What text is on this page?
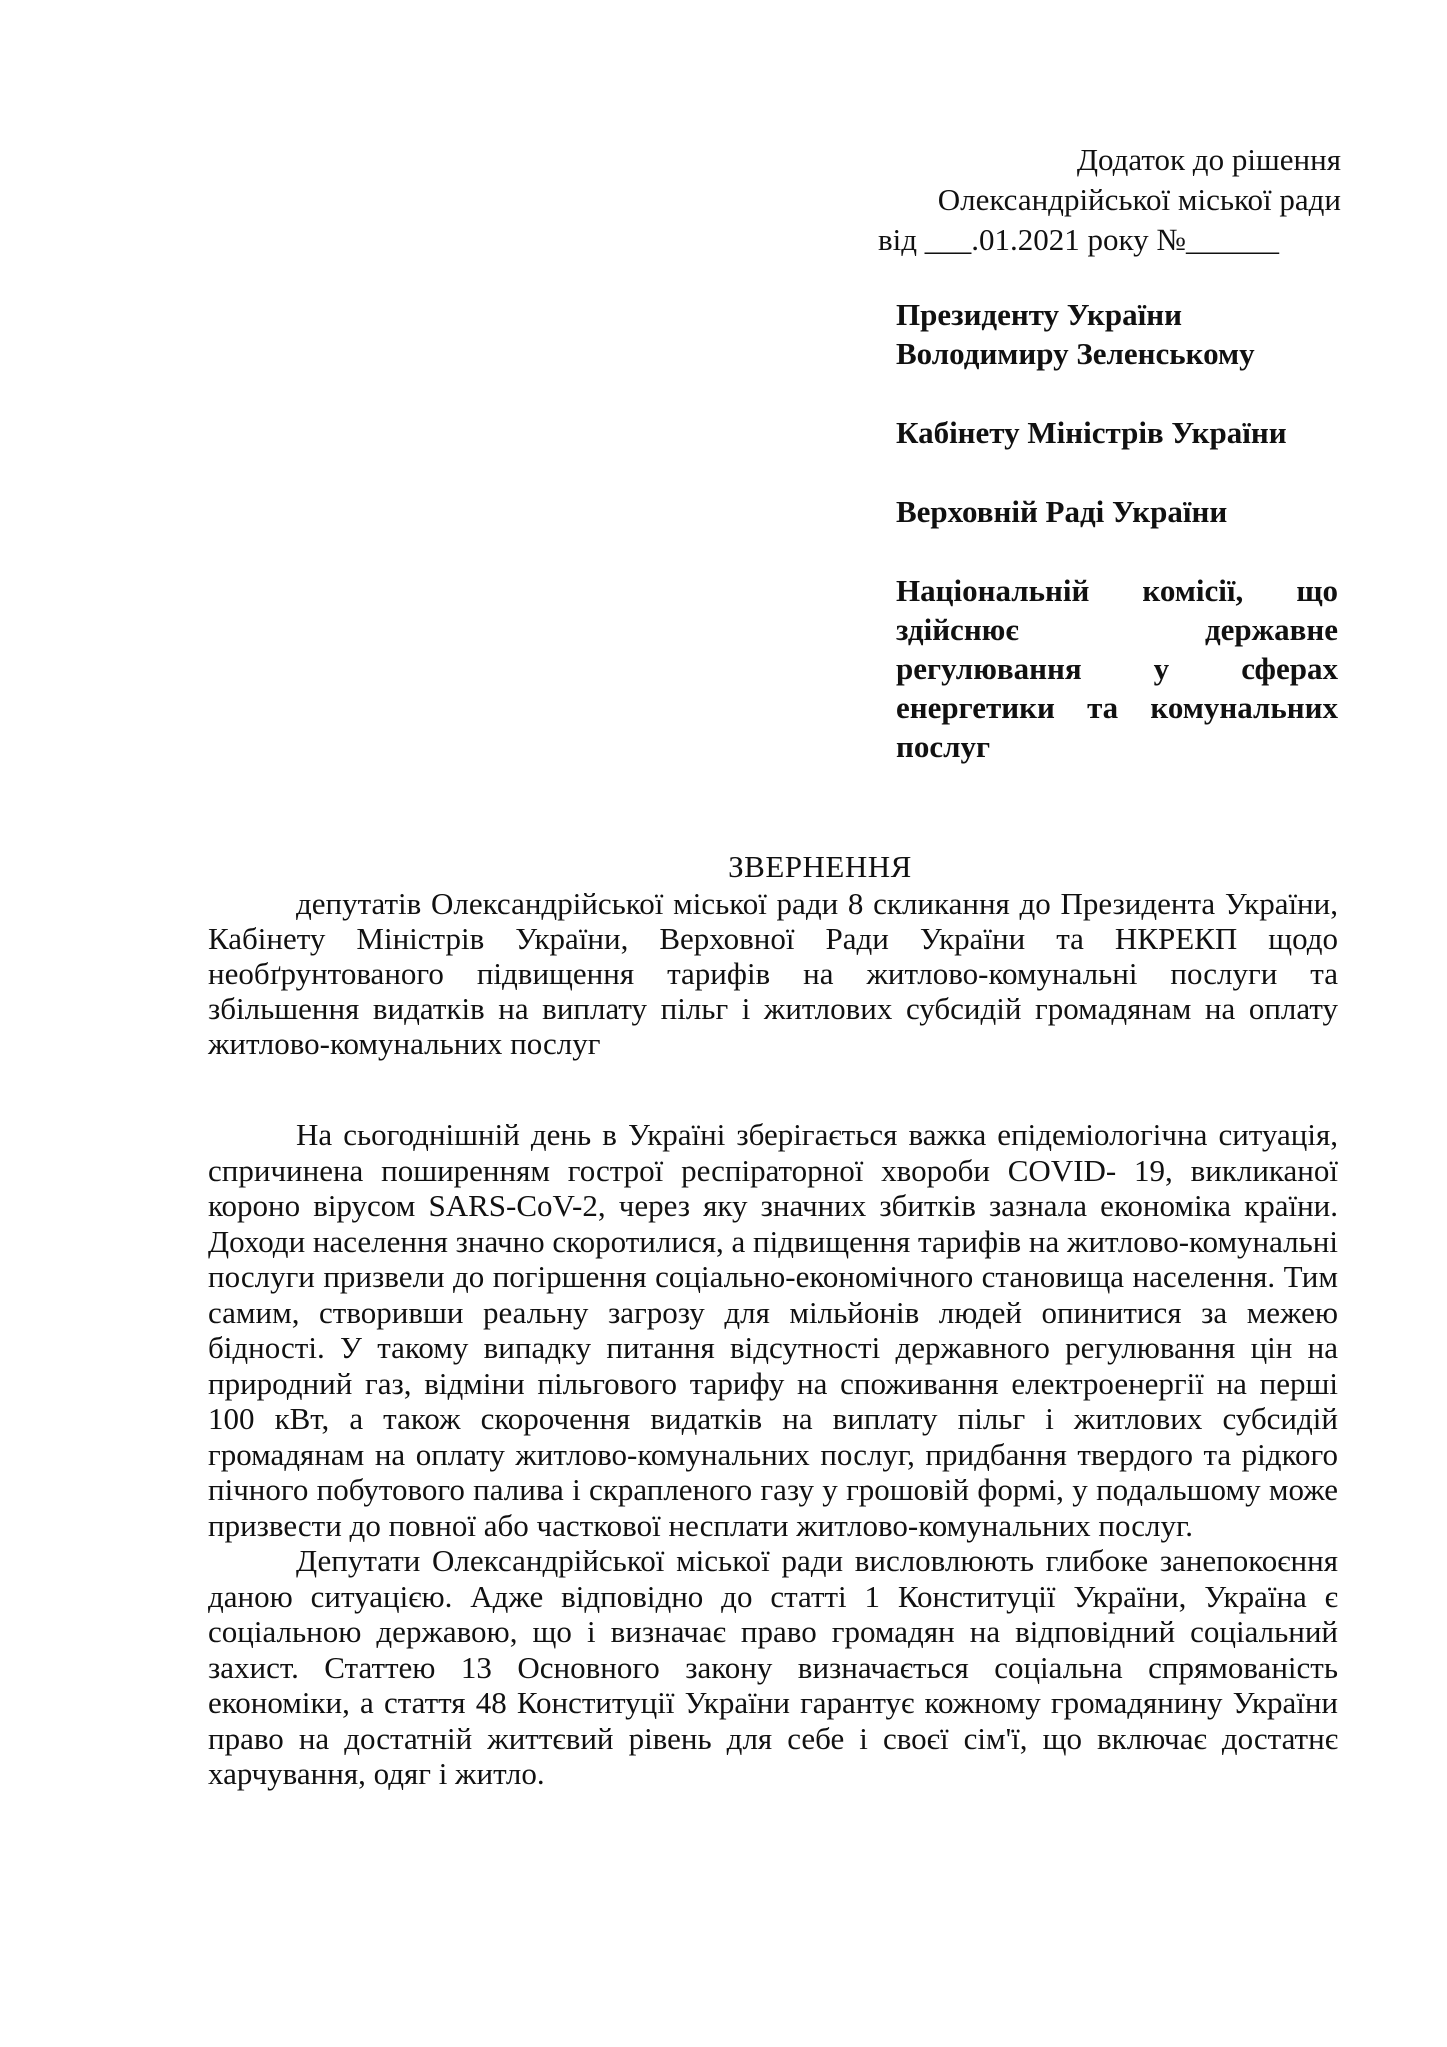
Додаток до рішення
Олександрійської міської ради
від ___.01.2021 року №______

Президенту України

Володимиру Зеленському

Кабінету Міністрів України

Верховній Раді України

Національній комісії, що
здійснює державне
регулювання у сферах
енергетики та комунальних
послуг
ЗВЕРНЕННЯ
депутатів Олександрійської міської ради 8 скликання до Президента України, Кабінету Міністрів України, Верховної Ради України та НКРЕКП щодо необґрунтованого підвищення тарифів на житлово-комунальні послуги та збільшення видатків на виплату пільг і житлових субсидій громадянам на оплату житлово-комунальних послуг

На сьогоднішній день в Україні зберігається важка епідеміологічна ситуація, спричинена поширенням гострої респіраторної хвороби COVID- 19, викликаної короно вірусом SARS-CoV-2, через яку значних збитків зазнала економіка країни. Доходи населення значно скоротилися, а підвищення тарифів на житлово-комунальні послуги призвели до погіршення соціально-економічного становища населення. Тим самим, створивши реальну загрозу для мільйонів людей опинитися за межею бідності. У такому випадку питання відсутності державного регулювання цін на природний газ, відміни пільгового тарифу на споживання електроенергії на перші 100 кВт, а також скорочення видатків на виплату пільг і житлових субсидій громадянам на оплату житлово-комунальних послуг, придбання твердого та рідкого пічного побутового палива і скрапленого газу у грошовій формі, у подальшому може призвести до повної або часткової несплати житлово-комунальних послуг.

Депутати Олександрійської міської ради висловлюють глибоке занепокоєння даною ситуацією. Адже відповідно до статті 1 Конституції України, Україна є соціальною державою, що і визначає право громадян на відповідний соціальний захист. Статтею 13 Основного закону визначається соціальна спрямованість економіки, а стаття 48 Конституції України гарантує кожному громадянину України право на достатній життєвий рівень для себе і своєї сім'ї, що включає достатнє харчування, одяг і житло.
